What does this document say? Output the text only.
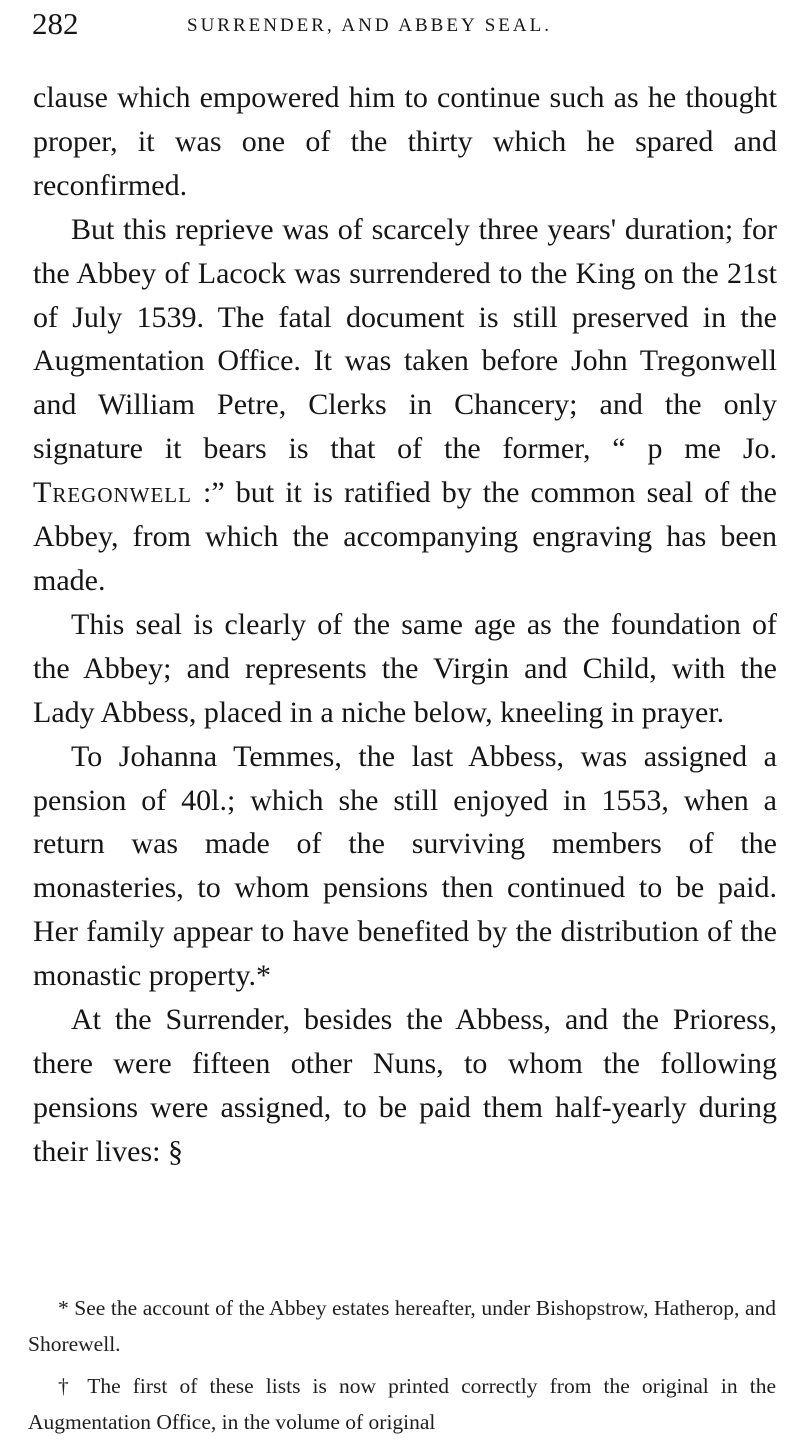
282	SURRENDER, AND ABBEY SEAL.

clause which empowered him to continue such as he thought proper, it was one of the thirty which he spared and reconfirmed.

But this reprieve was of scarcely three years' duration; for the Abbey of Lacock was surrendered to the King on the 21st of July 1539. The fatal document is still preserved in the Augmentation Office. It was taken before John Tregonwell and William Petre, Clerks in Chancery; and the only signature it bears is that of the former, “ p me Jo. Tregonwell :” but it is ratified by the common seal of the Abbey, from which the accompanying engraving has been made.

This seal is clearly of the same age as the foundation of the Abbey; and represents the Virgin and Child, with the Lady Abbess, placed in a niche below, kneeling in prayer.

To Johanna Temmes, the last Abbess, was assigned a pension of 40l.; which she still enjoyed in 1553, when a return was made of the surviving members of the monasteries, to whom pensions then continued to be paid. Her family appear to have benefited by the distribution of the monastic property.*

At the Surrender, besides the Abbess, and the Prioress, there were fifteen other Nuns, to whom the following pensions were assigned, to be paid them half-yearly during their lives: §

* See the account of the Abbey estates hereafter, under Bishopstrow, Hatherop, and Shorewell.

† The first of these lists is now printed correctly from the original in the Augmentation Office, in the volume of original
